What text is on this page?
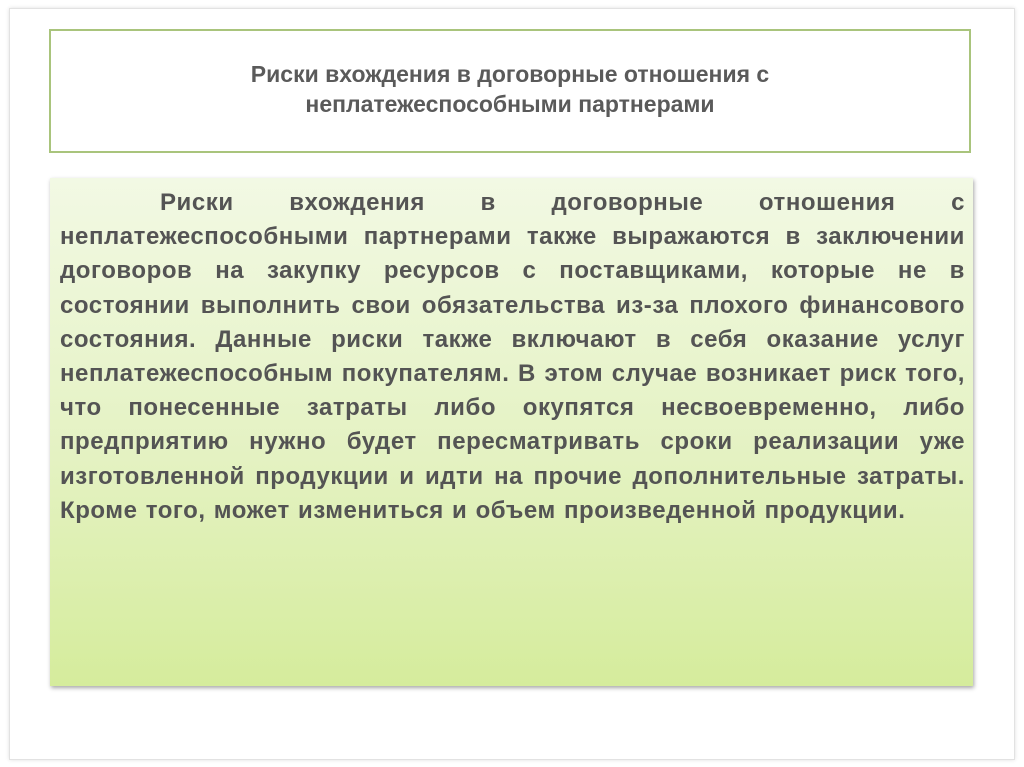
Риски вхождения в договорные отношения с неплатежеспособными партнерами

Риски вхождения в договорные отношения с неплатежеспособными партнерами также выражаются в заключении договоров на закупку ресурсов с поставщиками, которые не в состоянии выполнить свои обязательства из-за плохого финансового состояния. Данные риски также включают в себя оказание услуг неплатежеспособным покупателям. В этом случае возникает риск того, что понесенные затраты либо окупятся несвоевременно, либо предприятию нужно будет пересматривать сроки реализации уже изготовленной продукции и идти на прочие дополнительные затраты. Кроме того, может измениться и объем произведенной продукции.
